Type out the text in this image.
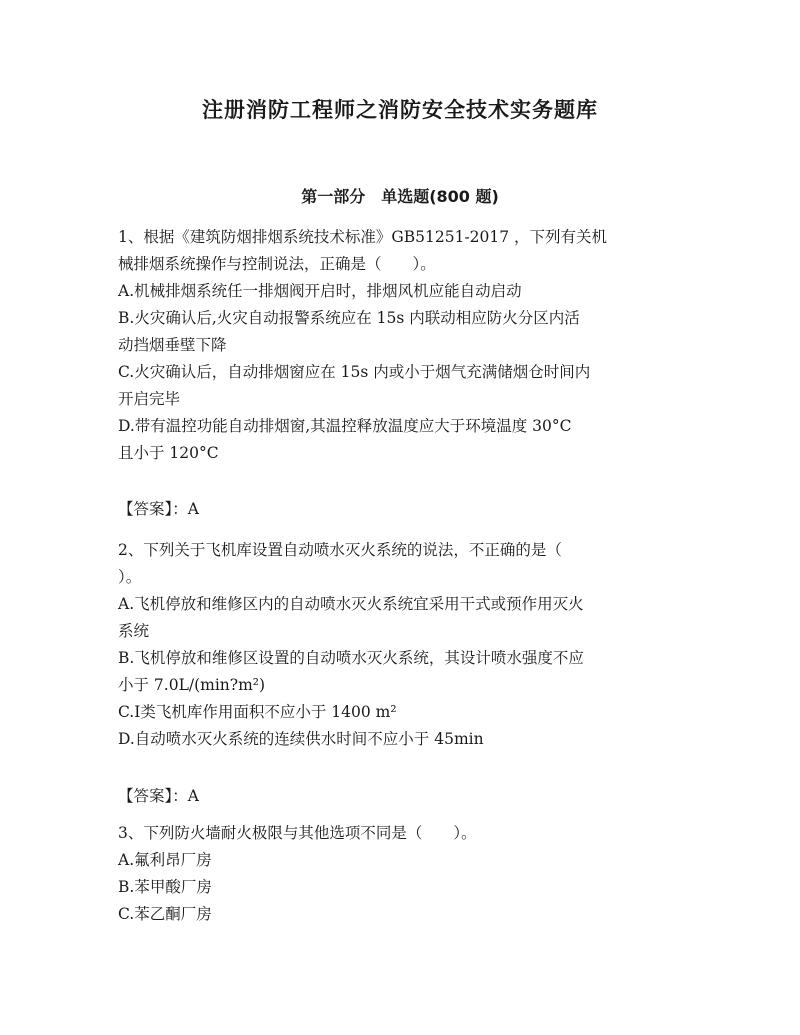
注册消防工程师之消防安全技术实务题库
第一部分　单选题(800 题)
1、根据《建筑防烟排烟系统技术标准》GB51251-2017 ，下列有关机
械排烟系统操作与控制说法，正确是（　　）。
A.机械排烟系统任一排烟阀开启时，排烟风机应能自动启动
B.火灾确认后,火灾自动报警系统应在 15s 内联动相应防火分区内活
动挡烟垂壁下降
C.火灾确认后，自动排烟窗应在 15s 内或小于烟气充满储烟仓时间内
开启完毕
D.带有温控功能自动排烟窗,其温控释放温度应大于环境温度 30°C
且小于 120°C
【答案】：A
2、下列关于飞机库设置自动喷水灭火系统的说法，不正确的是（
）。
A.飞机停放和维修区内的自动喷水灭火系统宜采用干式或预作用灭火
系统
B.飞机停放和维修区设置的自动喷水灭火系统，其设计喷水强度不应
小于 7.0L/(min?m²)
C.Ⅰ类飞机库作用面积不应小于 1400 m²
D.自动喷水灭火系统的连续供水时间不应小于 45min
【答案】：A
3、下列防火墙耐火极限与其他选项不同是（　　）。
A.氟利昂厂房
B.苯甲酸厂房
C.苯乙酮厂房
